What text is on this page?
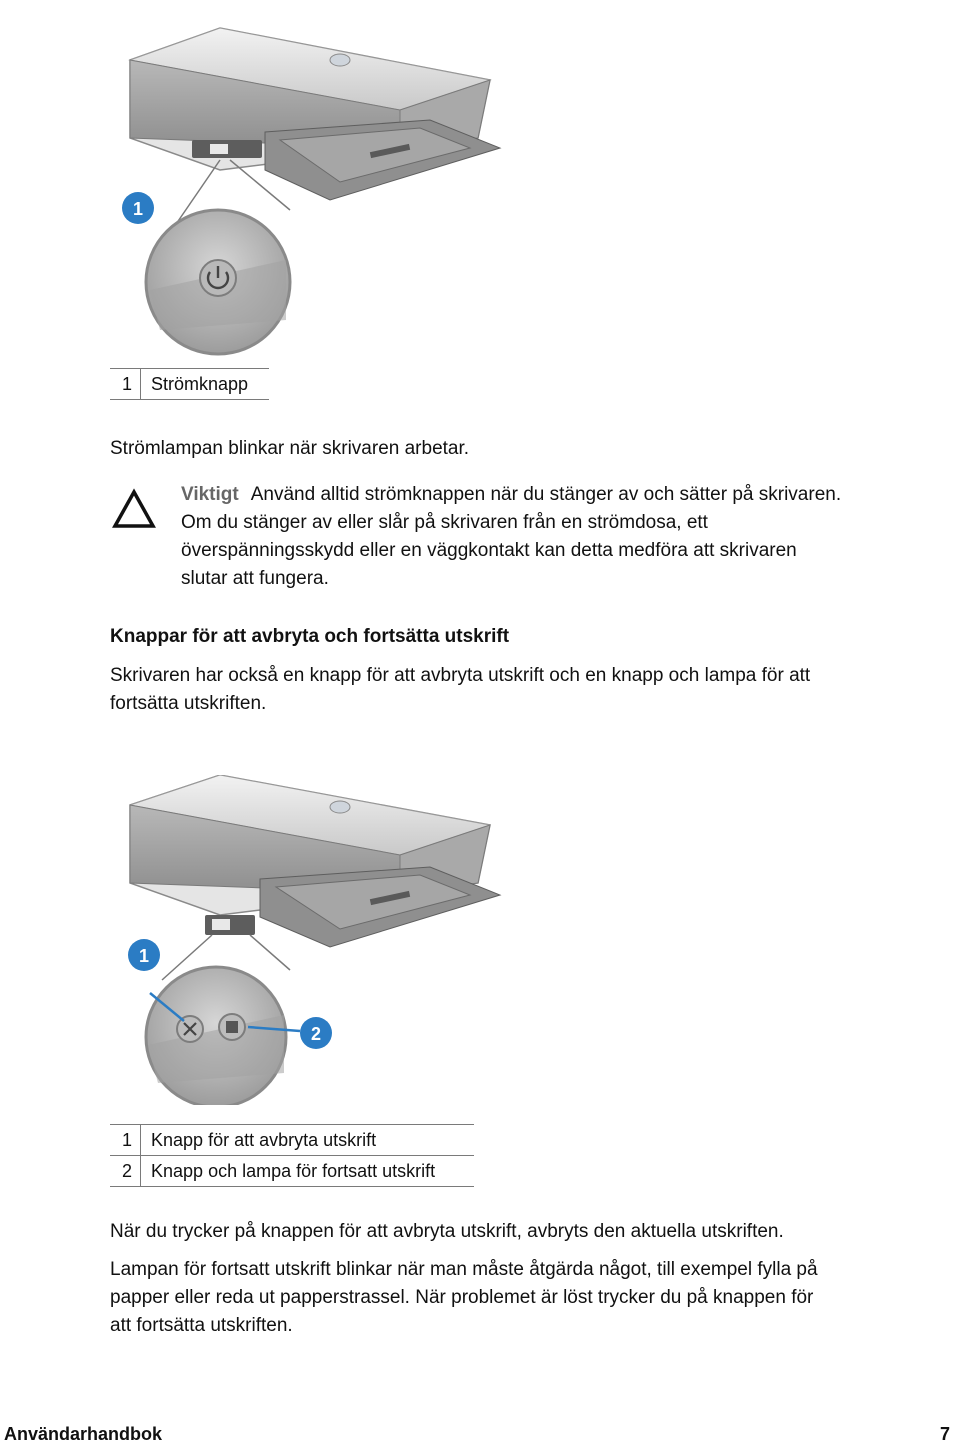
1
1	Strömknapp
Strömlampan blinkar när skrivaren arbetar.
Viktigt Använd alltid strömknappen när du stänger av och sätter på skrivaren.
Om du stänger av eller slår på skrivaren från en strömdosa, ett
överspänningsskydd eller en väggkontakt kan detta medföra att skrivaren
slutar att fungera.
Knappar för att avbryta och fortsätta utskrift
Skrivaren har också en knapp för att avbryta utskrift och en knapp och lampa för att
fortsätta utskriften.
1
2
1	Knapp för att avbryta utskrift
2	Knapp och lampa för fortsatt utskrift
När du trycker på knappen för att avbryta utskrift, avbryts den aktuella utskriften.
Lampan för fortsatt utskrift blinkar när man måste åtgärda något, till exempel fylla på
papper eller reda ut papperstrassel. När problemet är löst trycker du på knappen för
att fortsätta utskriften.
Användarhandbok	7
